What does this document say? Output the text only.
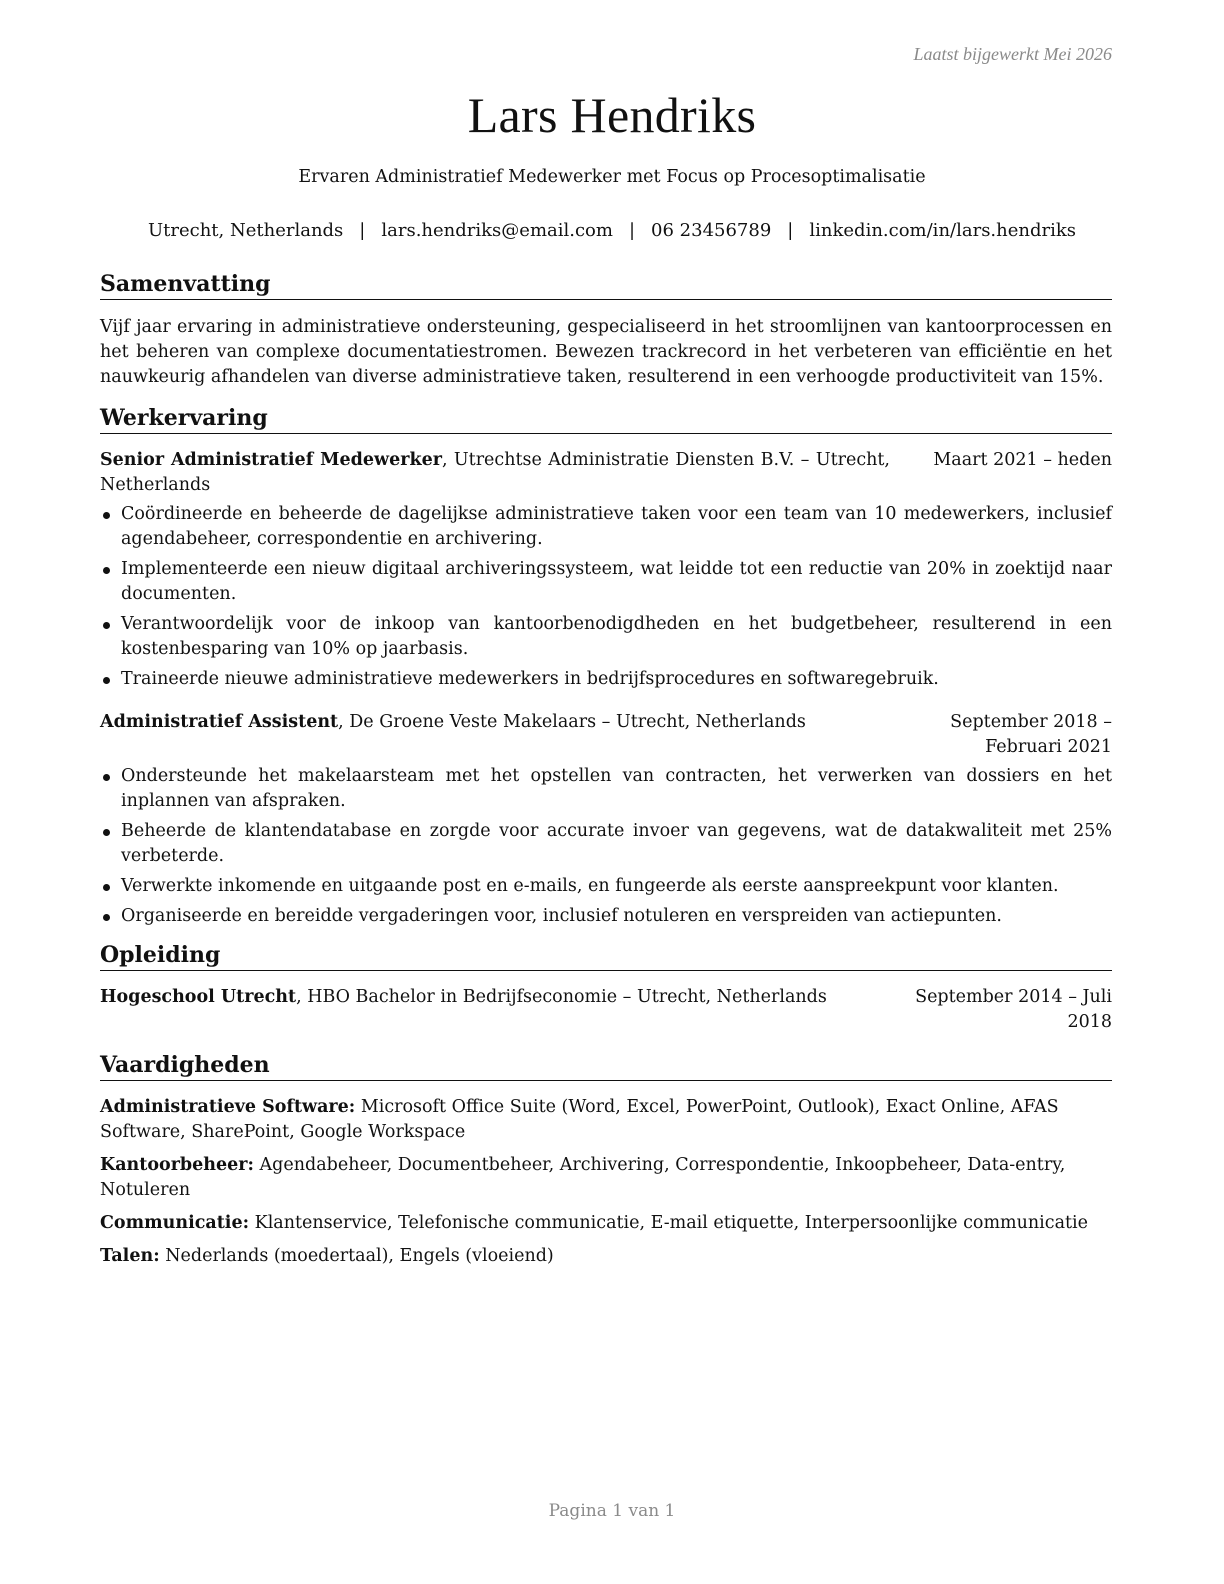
Laatst bijgewerkt Mei 2026
Lars Hendriks
Ervaren Administratief Medewerker met Focus op Procesoptimalisatie
Utrecht, Netherlands | lars.hendriks@email.com | 06 23456789 | linkedin.com/in/lars.hendriks
Samenvatting
Vijf jaar ervaring in administratieve ondersteuning, gespecialiseerd in het stroomlijnen van kantoorprocessen en het beheren van complexe documentatiestromen. Bewezen trackrecord in het verbeteren van efficiëntie en het nauwkeurig afhandelen van diverse administratieve taken, resulterend in een verhoogde productiviteit van 15%.
Werkervaring
Senior Administratief Medewerker, Utrechtse Administratie Diensten B.V. – Utrecht, Netherlands
Maart 2021 – heden
Coördineerde en beheerde de dagelijkse administratieve taken voor een team van 10 medewerkers, inclusief agendabeheer, correspondentie en archivering.
Implementeerde een nieuw digitaal archiveringssysteem, wat leidde tot een reductie van 20% in zoektijd naar documenten.
Verantwoordelijk voor de inkoop van kantoorbenodigdheden en het budgetbeheer, resulterend in een kostenbesparing van 10% op jaarbasis.
Traineerde nieuwe administratieve medewerkers in bedrijfsprocedures en softwaregebruik.
Administratief Assistent, De Groene Veste Makelaars – Utrecht, Netherlands	September 2018 – Februari 2021
Ondersteunde het makelaarsteam met het opstellen van contracten, het verwerken van dossiers en het inplannen van afspraken.
Beheerde de klantendatabase en zorgde voor accurate invoer van gegevens, wat de datakwaliteit met 25% verbeterde.
Verwerkte inkomende en uitgaande post en e-mails, en fungeerde als eerste aanspreekpunt voor klanten.
Organiseerde en bereidde vergaderingen voor, inclusief notuleren en verspreiden van actiepunten.
Opleiding
Hogeschool Utrecht, HBO Bachelor in Bedrijfseconomie – Utrecht, Netherlands	September 2014 – Juli 2018
Vaardigheden
Administratieve Software: Microsoft Office Suite (Word, Excel, PowerPoint, Outlook), Exact Online, AFAS Software, SharePoint, Google Workspace
Kantoorbeheer: Agendabeheer, Documentbeheer, Archivering, Correspondentie, Inkoopbeheer, Data-entry, Notuleren
Communicatie: Klantenservice, Telefonische communicatie, E-mail etiquette, Interpersoonlijke communicatie
Talen: Nederlands (moedertaal), Engels (vloeiend)
Pagina 1 van 1
